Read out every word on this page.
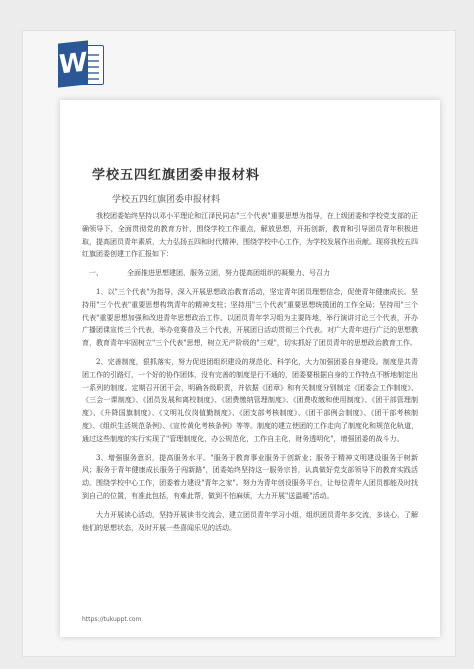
W
学校五四红旗团委申报材料
学校五四红旗团委申报材料

我校团委始终坚持以邓小平理论和江泽民同志"三个代表"重要思想为指导，在上级团委和学校党支部的正确领导下，全面贯彻党的教育方针，围绕学校工作重点，解放思想，开拓创新，教育和引导团员青年积极进取，提高团员青年素质，大力弘扬五四和时代精神，围绕学校中心工作，为学校发展作出贡献。现将我校五四红旗团委创建工作汇报如下：

一、	全面推进思想建团，服务立团，努力提高团组织的凝聚力、号召力

1、以"三个代表"为指导，深入开展思想政治教育活动，坚定青年团员理想信念，促使青年健康成长。坚持用"三个代表"重要思想构筑青年的精神支柱；坚持用"三个代表"重要思想统揽团的工作全局；坚持用"三个代表"重要思想加强和改进青年思想政治工作。以团员青年学习组为主要阵地，举行演讲讨论三个代表，开办广播团课宣传三个代表，举办竞赛普及三个代表，开展团日活动贯彻三个代表。对广大青年进行广泛的思想教育，教育青年牢固树立"三个代表"思想，树立无产阶级的"三观"，切实抓好了团员青年的思想政治教育工作。

2、完善制度，狠抓落实，努力促进团组织建设的规范化、科学化，大力加强团委自身建设。制度是共青团工作的引路灯，一个好的协作团体，没有完善的制度是行不通的，团委要根据自身的工作特点不断地制定出一系列的制度。定期召开团干会，明确各级职责，并依据《团章》和有关制度分别制定《团委会工作制度》、《三会一课制度》、《团员发展和离校制度》、《团费缴纳管理制度》、《团费收缴和使用制度》、《团干部管理制度》、《升降国旗制度》、《文明礼仪岗值勤制度》、《团支部考核制度》、《团干部例会制度》、《团干部考核制度》、《组织生活规范条例》、《宣传黄化考核条例》等等。制度的建立使团的工作走向了制度化和规范化轨道，通过这些制度的实行实现了"管理制度化，办公规范化，工作自主化，财务透明化"，增强团委的战斗力。

3、增强服务意识，提高服务水平。"服务于教育事业服务于创新业；服务于精神文明建设服务于树新风；服务于青年健康成长服务于闯新路"，团委始终坚持这一服务宗旨，认真做好党支部领导下的教育实践活动。围绕学校中心工作，团委着力建设"青年之家"。努力为青年创设服务平台，让每位青年人团员都能及时找到自己的位置，有准此包括，有难此帮，做到不怕麻烦，大力开展"送温暖"活动。

大力开展读心活动，坚持开展读书交流会，建立团员青年学习小组，组织团员青年多交流，多谈心，了解他们的思想状态，及时开展一些喜闻乐见的活动。

https://tukuppt.com
